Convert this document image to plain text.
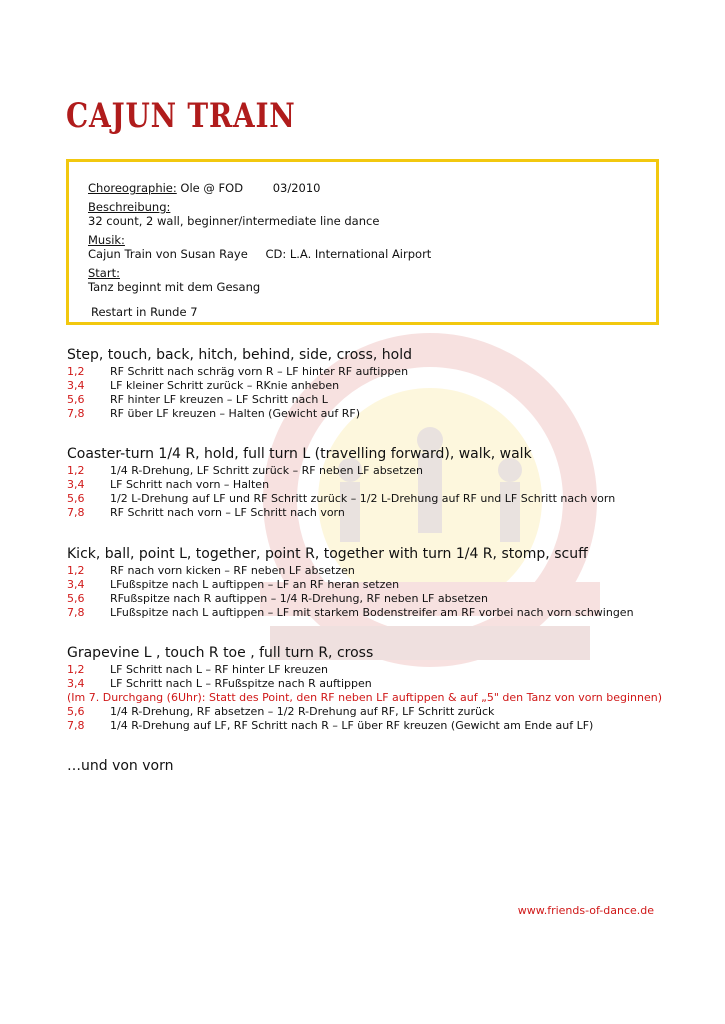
CAJUN TRAIN
Choreographie: Ole @ FOD	03/2010
Beschreibung:
32 count, 2 wall, beginner/intermediate line dance
Musik:
Cajun Train von Susan Raye CD: L.A. International Airport
Start:
Tanz beginnt mit dem Gesang
Restart in Runde 7
Step, touch, back, hitch, behind, side, cross, hold
1,2	RF Schritt nach schräg vorn R – LF hinter RF auftippen
3,4	LF kleiner Schritt zurück – RKnie anheben
5,6	RF hinter LF kreuzen – LF Schritt nach L
7,8	RF über LF kreuzen – Halten (Gewicht auf RF)
Coaster-turn 1/4 R, hold, full turn L (travelling forward), walk, walk
1,2	1/4 R-Drehung, LF Schritt zurück – RF neben LF absetzen
3,4	LF Schritt nach vorn – Halten
5,6	1/2 L-Drehung auf LF und RF Schritt zurück – 1/2 L-Drehung auf RF und LF Schritt nach vorn
7,8	RF Schritt nach vorn – LF Schritt nach vorn
Kick, ball, point L, together, point R, together with turn 1/4 R, stomp, scuff
1,2	RF nach vorn kicken – RF neben LF absetzen
3,4	LFußspitze nach L auftippen – LF an RF heran setzen
5,6	RFußspitze nach R auftippen – 1/4 R-Drehung, RF neben LF absetzen
7,8	LFußspitze nach L auftippen – LF mit starkem Bodenstreifer am RF vorbei nach vorn schwingen
Grapevine L , touch R toe , full turn R, cross
1,2	LF Schritt nach L – RF hinter LF kreuzen
3,4	LF Schritt nach L – RFußspitze nach R auftippen
(Im 7. Durchgang (6Uhr): Statt des Point, den RF neben LF auftippen & auf „5" den Tanz von vorn beginnen)
5,6	1/4 R-Drehung, RF absetzen – 1/2 R-Drehung auf RF, LF Schritt zurück
7,8	1/4 R-Drehung auf LF, RF Schritt nach R – LF über RF kreuzen (Gewicht am Ende auf LF)
…und von vorn
www.friends-of-dance.de
